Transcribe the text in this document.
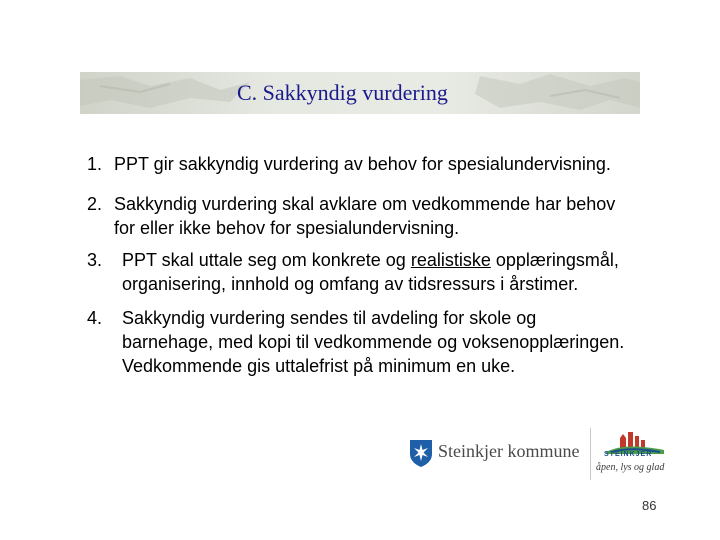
C. Sakkyndig vurdering
1. PPT gir sakkyndig vurdering av behov for spesialundervisning.
2. Sakkyndig vurdering skal avklare om vedkommende har behov
for eller ikke behov for spesialundervisning.
3. PPT skal uttale seg om konkrete og realistiske opplæringsmål,
organisering, innhold og omfang av tidsressurs i årstimer.
4. Sakkyndig vurdering sendes til avdeling for skole og
barnehage, med kopi til vedkommende og voksenopplæringen.
Vedkommende gis uttalefrist på minimum en uke.
Steinkjer kommune	STEINKJER
åpen, lys og glad
86
